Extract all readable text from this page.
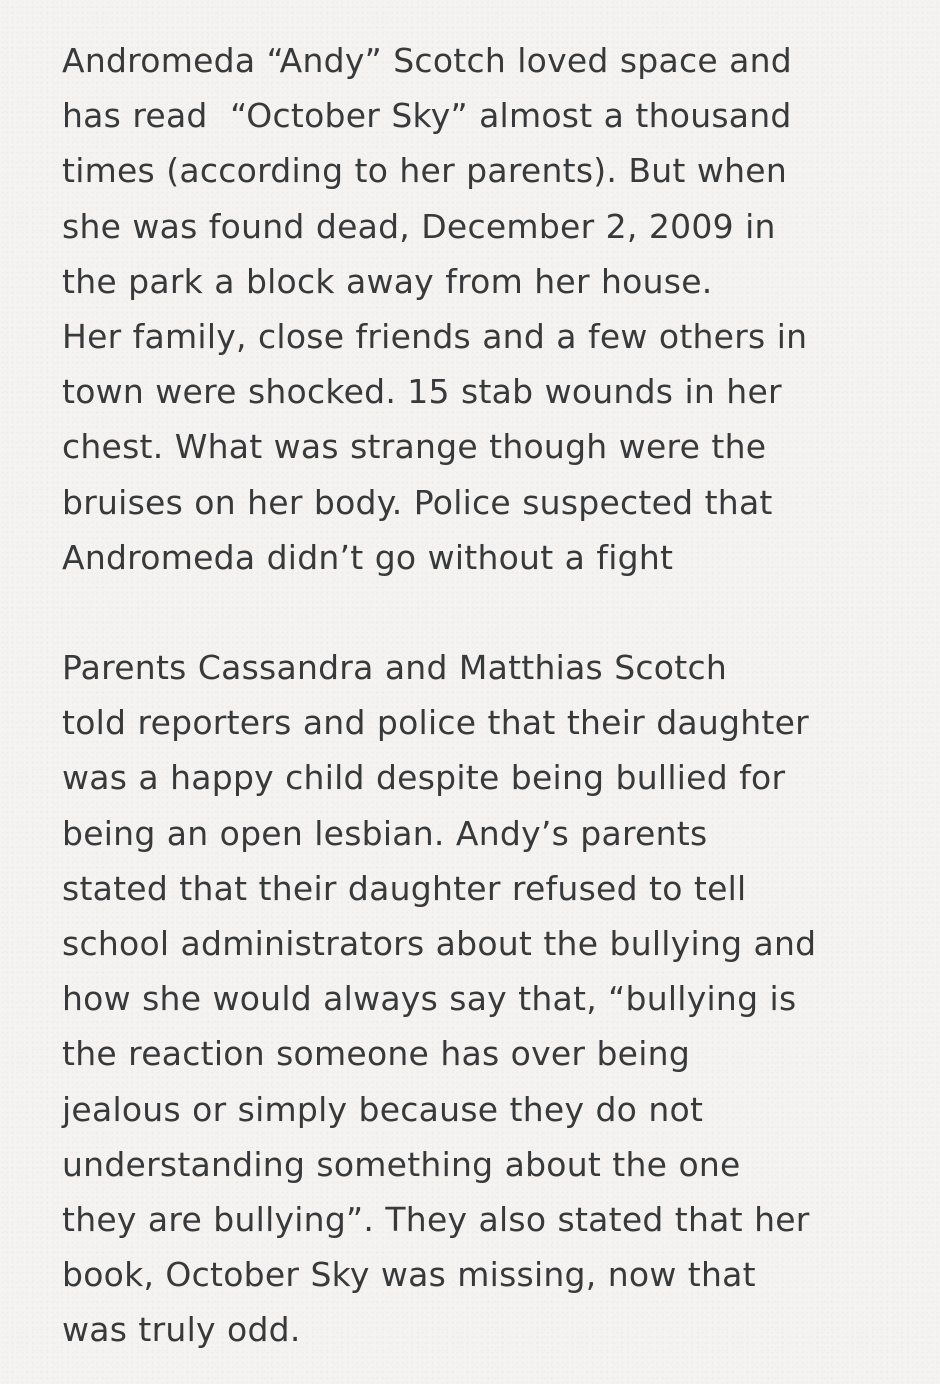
Andromeda “Andy” Scotch loved space and
has read  “October Sky” almost a thousand
times (according to her parents). But when
she was found dead, December 2, 2009 in
the park a block away from her house.
Her family, close friends and a few others in
town were shocked. 15 stab wounds in her
chest. What was strange though were the
bruises on her body. Police suspected that
Andromeda didn’t go without a fight
Parents Cassandra and Matthias Scotch
told reporters and police that their daughter
was a happy child despite being bullied for
being an open lesbian. Andy’s parents
stated that their daughter refused to tell
school administrators about the bullying and
how she would always say that, “bullying is
the reaction someone has over being
jealous or simply because they do not
understanding something about the one
they are bullying”. They also stated that her
book, October Sky was missing, now that
was truly odd.
